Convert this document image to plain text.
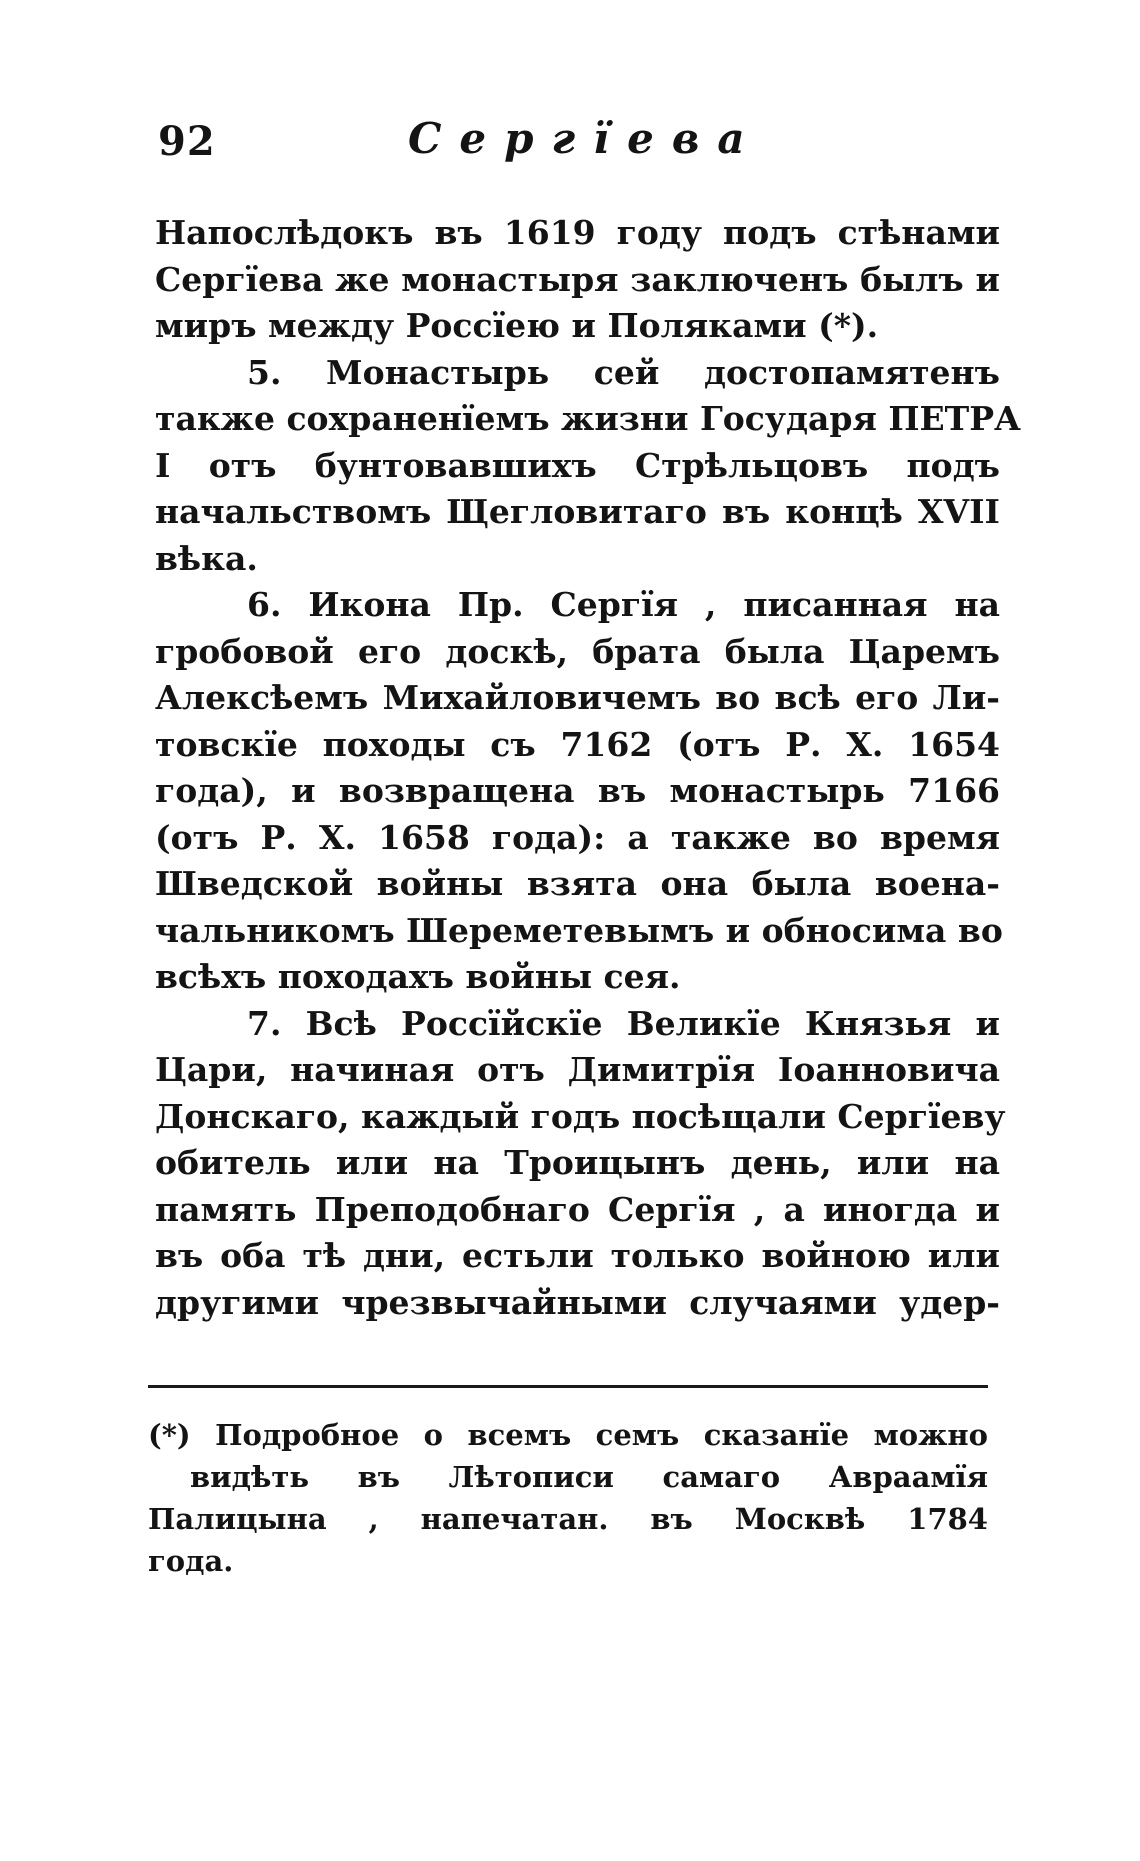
92	Сергїева
Напослѣдокъ въ 1619 году подъ стѣнами
Сергїева же монастыря заключенъ былъ и
миръ между Россїею и Поляками (*).
5. Монастырь сей достопамятенъ
также сохраненїемъ жизни Государя ПЕТРА
I отъ бунтовавшихъ Стрѣльцовъ подъ
начальствомъ Щегловитаго въ концѣ XVII
вѣка.
6. Икона Пр. Сергїя , писанная на
гробовой его доскѣ, брата была Царемъ
Алексѣемъ Михайловичемъ во всѣ его Ли-
товскїе походы съ 7162 (отъ Р. Х. 1654
года), и возвращена въ монастырь 7166
(отъ Р. Х. 1658 года): а также во время
Шведской войны взята она была военa-
чальникомъ Шереметевымъ и обносима во
всѣхъ походахъ войны сея.
7. Всѣ Россїйскїе Великїе Князья и
Цари, начиная отъ Димитрїя Іоанновича
Донскаго, каждый годъ посѣщали Сергїеву
обитель или на Троицынъ день, или на
память Преподобнаго Сергїя , а иногда и
въ оба тѣ дни, естьли только войною или
другими чрезвычайными случаями удер-
(*) Подробное о всемъ семъ сказанїе можно
видѣть въ Лѣтописи самаго Авраамїя
Палицына , напечатан. въ Москвѣ 1784
года.
